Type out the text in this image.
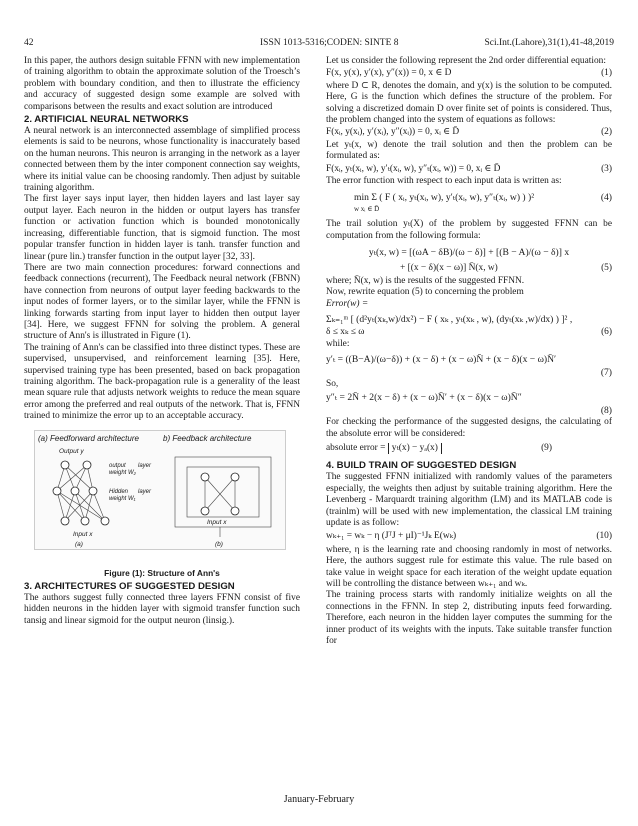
42	ISSN 1013-5316;CODEN: SINTE 8	Sci.Int.(Lahore),31(1),41-48,2019

In this paper, the authors design suitable FFNN with new implementation of training algorithm to obtain the approximate solution of the Troesch’s problem with boundary condition, and then to illustrate the efficiency and accuracy of suggested design some example are solved with comparisons between the results and exact solution are introduced

2. ARTIFICIAL NEURAL NETWORKS

A neural network is an interconnected assemblage of simplified process elements is said to be neurons, whose functionality is inaccurately based on the human neurons. This neuron is arranging in the network as a layer connected between them by the inter component connection say weights, where its initial value can be choosing randomly. Then adjust by suitable training algorithm.

The first layer says input layer, then hidden layers and last layer say output layer. Each neuron in the hidden or output layers has transfer function or activation function which is bounded monotonically increasing, differentiable function, that is sigmoid function. The most popular transfer function in hidden layer is tanh. transfer function and linear (pure lin.) transfer function in the output layer [32, 33].

There are two main connection procedures: forward connections and feedback connections (recurrent), The Feedback neural network (FBNN) have connection from neurons of output layer feeding backwards to the input nodes of former layers, or to the similar layer, while the FFNN is linking forwards starting from input layer to hidden then output layer [34]. Here, we suggest FFNN for solving the problem. A general structure of Ann's is illustrated in Figure (1).

The training of Ann's can be classified into three distinct types. These are supervised, unsupervised, and reinforcement learning [35]. Here, supervised training type has been presented, based on back propagation training algorithm. The back-propagation rule is a generality of the least mean square rule that adjusts network weights to reduce the mean square error among the preferred and real outputs of the network. That is, FFNN trained to minimize the error up to an acceptable accuracy.

(a) Feedforward architecture	b) Feedback architecture
Output y
output layer weight W₂
Hidden layer weight W₁
Input x
Input x
(a)	(b)
Figure (1): Structure of Ann's
3. ARCHITECTURES OF SUGGESTED DESIGN

The authors suggest fully connected three layers FFNN consist of five hidden neurons in the hidden layer with sigmoid transfer function such tansig and linear sigmoid for the output neuron (linsig.).

Let us consider the following represent the 2nd order differential equation:

F(x, y(x), y′(x), y″(x)) = 0, x ∈ D	(1)

where D ⊂ R, denotes the domain, and y(x) is the solution to be computed. Here, G is the function which defines the structure of the problem. For solving a discretized domain D over finite set of points is considered. Thus, the problem changed into the system of equations as follows:

F(xᵢ, y(xᵢ), y′(xᵢ), y″(xᵢ)) = 0, xᵢ ∈ D̄	(2)

Let yₜ(x, w) denote the trail solution and then the problem can be formulated as:

F(xᵢ, yₜ(xᵢ, w), y′ₜ(xᵢ, w), y″ₜ(xᵢ, w)) = 0, xᵢ ∈ D̄	(3)

The error function with respect to each input data is written as:

min Σ ( F ( xᵢ, yₜ(xᵢ, w), y′ₜ(xᵢ, w), y″ₜ(xᵢ, w) ) )²	(4)
w xᵢ ∈ D̄

The trail solution yₜ(X) of the problem by suggested FFNN can be computation from the following formula:

yₜ(x, w) = [(ωA − δB)/(ω − δ)] + [(B − A)/(ω − δ)] x
+ [(x − δ)(x − ω)] N̄(x, w)	(5)

where; N̄(x, w) is the results of the suggested FFNN.

Now, rewrite equation (5) to concerning the problem

Error(w) =

Σₖ₌₁ᵐ [ (d²yₜ(xₖ,w)/dx²) − F ( xₖ , yₜ(xₖ , w), (dyₜ(xₖ ,w)/dx) ) ]² ,
δ ≤ xₖ ≤ ω	(6)

while:

y′ₜ = ((B−A)/(ω−δ)) + (x − δ) + (x − ω)N̄ + (x − δ)(x − ω)N̄′
(7)

So,

y″ₜ = 2N̄ + 2(x − δ) + (x − ω)N̄′ + (x − δ)(x − ω)N̄″
(8)

For checking the performance of the suggested designs, the calculating of the absolute error will be considered:

absolute error = yₜ(x) − yₐ(x)	(9)
4. BUILD TRAIN OF SUGGESTED DESIGN

The suggested FFNN initialized with randomly values of the parameters especially, the weights then adjust by suitable training algorithm. Here the Levenberg - Marquardt training algorithm (LM) and its MATLAB code is (trainlm) will be used with new implementation, the classical LM training update is as follow:

wₖ₊₁ = wₖ − η (JᵀJ + μI)⁻¹Jₖ E(wₖ)	(10)

where, η is the learning rate and choosing randomly in most of networks. Here, the authors suggest rule for estimate this value. The rule based on take value in weight space for each iteration of the weight update equation will be controlling the distance between wₖ₊₁ and wₖ.

The training process starts with randomly initialize weights on all the connections in the FFNN. In step 2, distributing inputs feed forwarding. Therefore, each neuron in the hidden layer computes the summing for the inner product of its weights with the inputs. Take suitable transfer function for

January-February
